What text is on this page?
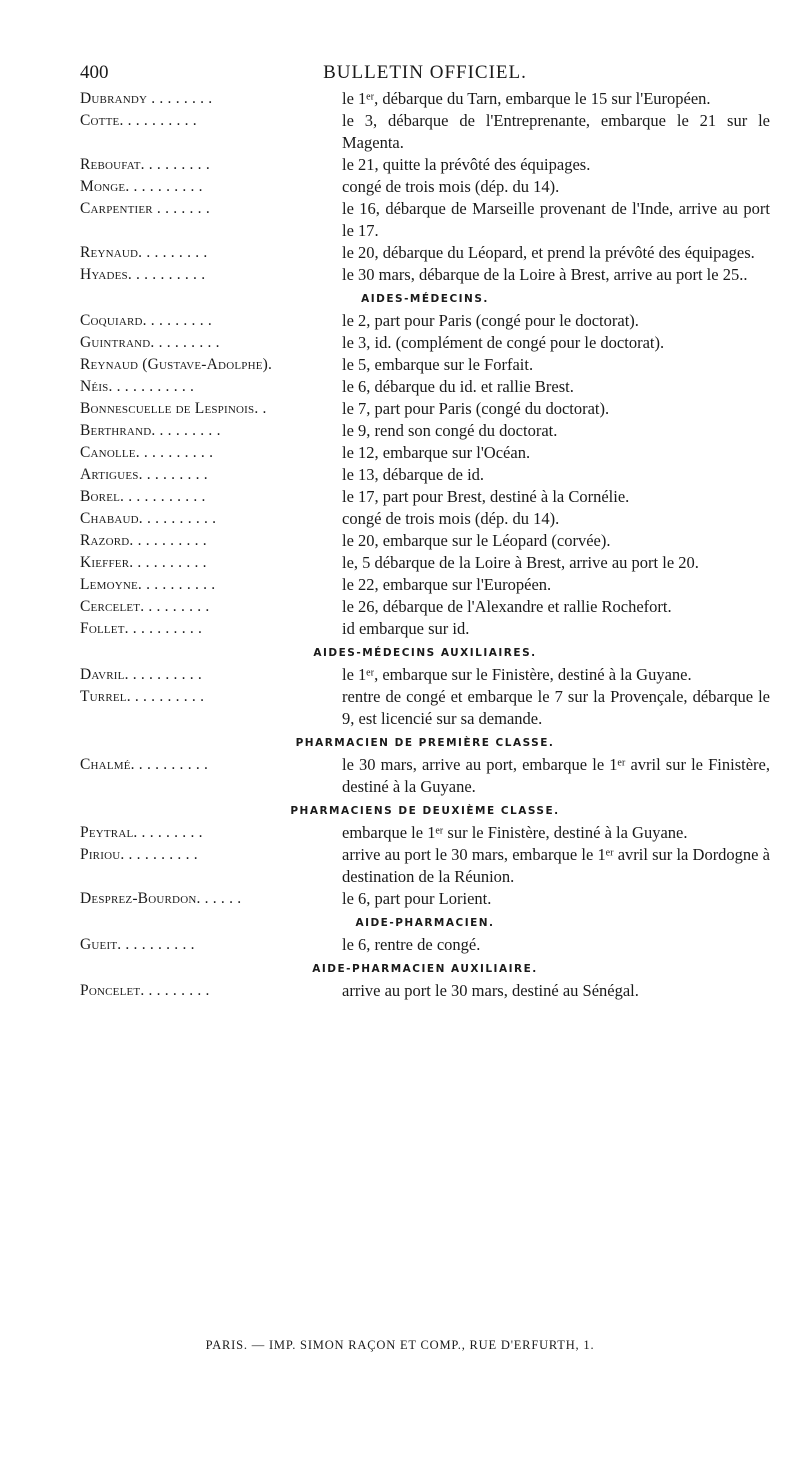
400	BULLETIN OFFICIEL.
Dubrandy . . . . . . . .	le 1ᵉʳ, débarque du Tarn, embarque le 15 sur l'Européen.
Cotte. . . . . . . . . .	le 3, débarque de l'Entreprenante, embarque le 21 sur le Magenta.
Reboufat. . . . . . . . .	le 21, quitte la prévôté des équipages.
Monge. . . . . . . . . .	congé de trois mois (dép. du 14).
Carpentier . . . . . . .	le 16, débarque de Marseille provenant de l'Inde, arrive au port le 17.
Reynaud. . . . . . . . .	le 20, débarque du Léopard, et prend la prévôté des équipages.
Hyades. . . . . . . . . .	le 30 mars, débarque de la Loire à Brest, arrive au port le 25..
AIDES-MÉDECINS.
Coquiard. . . . . . . . .	le 2, part pour Paris (congé pour le doctorat).
Guintrand. . . . . . . . .	le 3, id. (complément de congé pour le doctorat).
Reynaud (Gustave-Adolphe).	le 5, embarque sur le Forfait.
Néis. . . . . . . . . . .	le 6, débarque du id. et rallie Brest.
Bonnescuelle de Lespinois. .	le 7, part pour Paris (congé du doctorat).
Berthrand. . . . . . . . .	le 9, rend son congé du doctorat.
Canolle. . . . . . . . . .	le 12, embarque sur l'Océan.
Artigues. . . . . . . . .	le 13, débarque de id.
Borel. . . . . . . . . . .	le 17, part pour Brest, destiné à la Cornélie.
Chabaud. . . . . . . . . .	congé de trois mois (dép. du 14).
Razord. . . . . . . . . .	le 20, embarque sur le Léopard (corvée).
Kieffer. . . . . . . . . .	le, 5 débarque de la Loire à Brest, arrive au port le 20.
Lemoyne. . . . . . . . . .	le 22, embarque sur l'Européen.
Cercelet. . . . . . . . .	le 26, débarque de l'Alexandre et rallie Rochefort.
Follet. . . . . . . . . .	id embarque sur id.
AIDES-MÉDECINS AUXILIAIRES.
Davril. . . . . . . . . .	le 1ᵉʳ, embarque sur le Finistère, destiné à la Guyane.
Turrel. . . . . . . . . .	rentre de congé et embarque le 7 sur la Provençale, débarque le 9, est licencié sur sa demande.
PHARMACIEN DE PREMIÈRE CLASSE.
Chalmé. . . . . . . . . .	le 30 mars, arrive au port, embarque le 1ᵉʳ avril sur le Finistère, destiné à la Guyane.
PHARMACIENS DE DEUXIÈME CLASSE.
Peytral. . . . . . . . .	embarque le 1ᵉʳ sur le Finistère, destiné à la Guyane.
Piriou. . . . . . . . . .	arrive au port le 30 mars, embarque le 1ᵉʳ avril sur la Dordogne à destination de la Réunion.
Desprez-Bourdon. . . . . .	le 6, part pour Lorient.
AIDE-PHARMACIEN.
Gueit. . . . . . . . . .	le 6, rentre de congé.
AIDE-PHARMACIEN AUXILIAIRE.
Poncelet. . . . . . . . .	arrive au port le 30 mars, destiné au Sénégal.
PARIS. — IMP. SIMON RAÇON ET COMP., RUE D'ERFURTH, 1.
